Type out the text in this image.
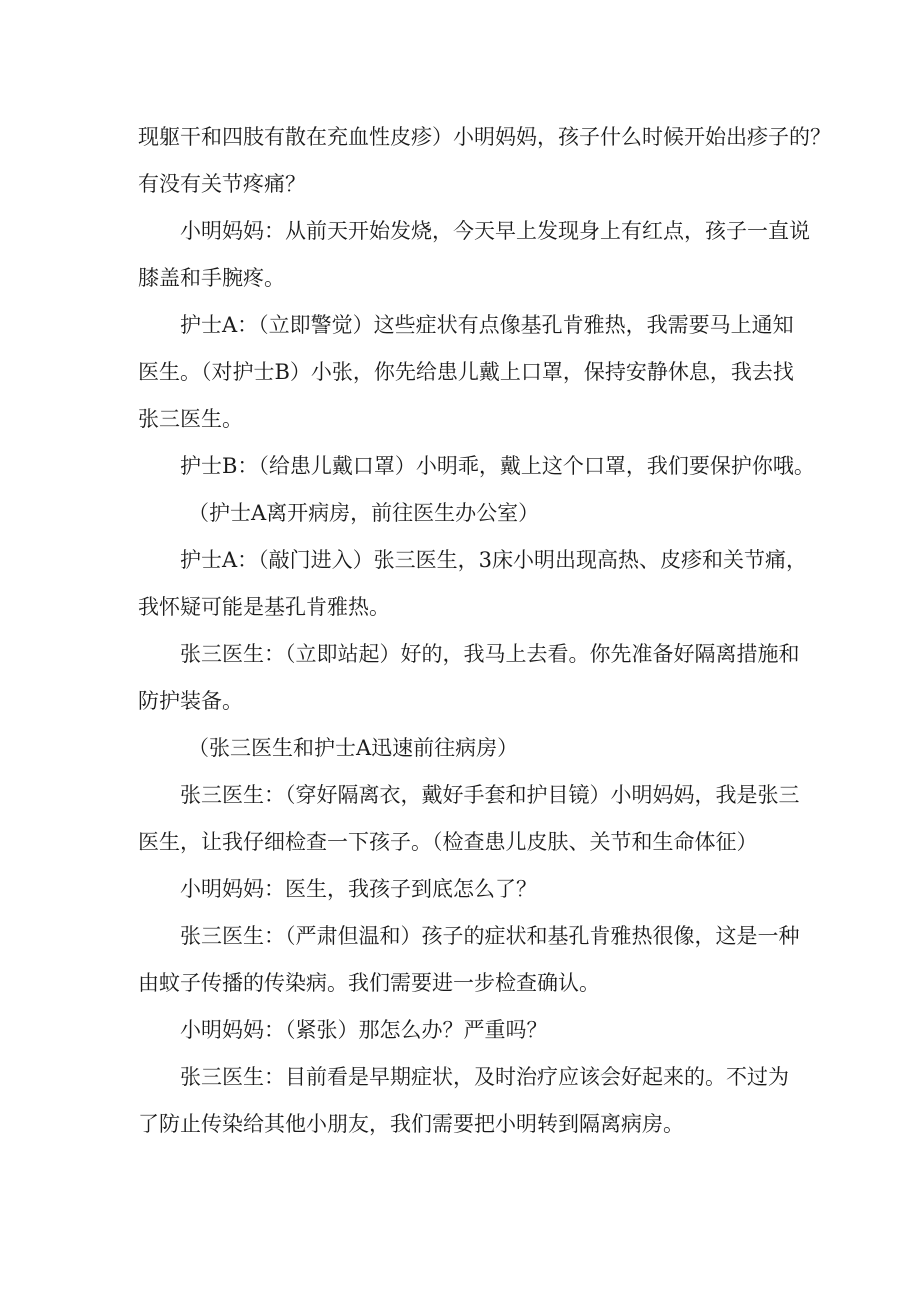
现躯干和四肢有散在充血性皮疹）小明妈妈，孩子什么时候开始出疹子的？
有没有关节疼痛？
小明妈妈：从前天开始发烧，今天早上发现身上有红点，孩子一直说
膝盖和手腕疼。
护士A：（立即警觉）这些症状有点像基孔肯雅热，我需要马上通知
医生。（对护士B）小张，你先给患儿戴上口罩，保持安静休息，我去找
张三医生。
护士B：（给患儿戴口罩）小明乖，戴上这个口罩，我们要保护你哦。
（护士A离开病房，前往医生办公室）
护士A：（敲门进入）张三医生，3床小明出现高热、皮疹和关节痛，
我怀疑可能是基孔肯雅热。
张三医生：（立即站起）好的，我马上去看。你先准备好隔离措施和
防护装备。
（张三医生和护士A迅速前往病房）
张三医生：（穿好隔离衣，戴好手套和护目镜）小明妈妈，我是张三
医生，让我仔细检查一下孩子。（检查患儿皮肤、关节和生命体征）
小明妈妈：医生，我孩子到底怎么了？
张三医生：（严肃但温和）孩子的症状和基孔肯雅热很像，这是一种
由蚊子传播的传染病。我们需要进一步检查确认。
小明妈妈：（紧张）那怎么办？严重吗？
张三医生：目前看是早期症状，及时治疗应该会好起来的。不过为
了防止传染给其他小朋友，我们需要把小明转到隔离病房。
